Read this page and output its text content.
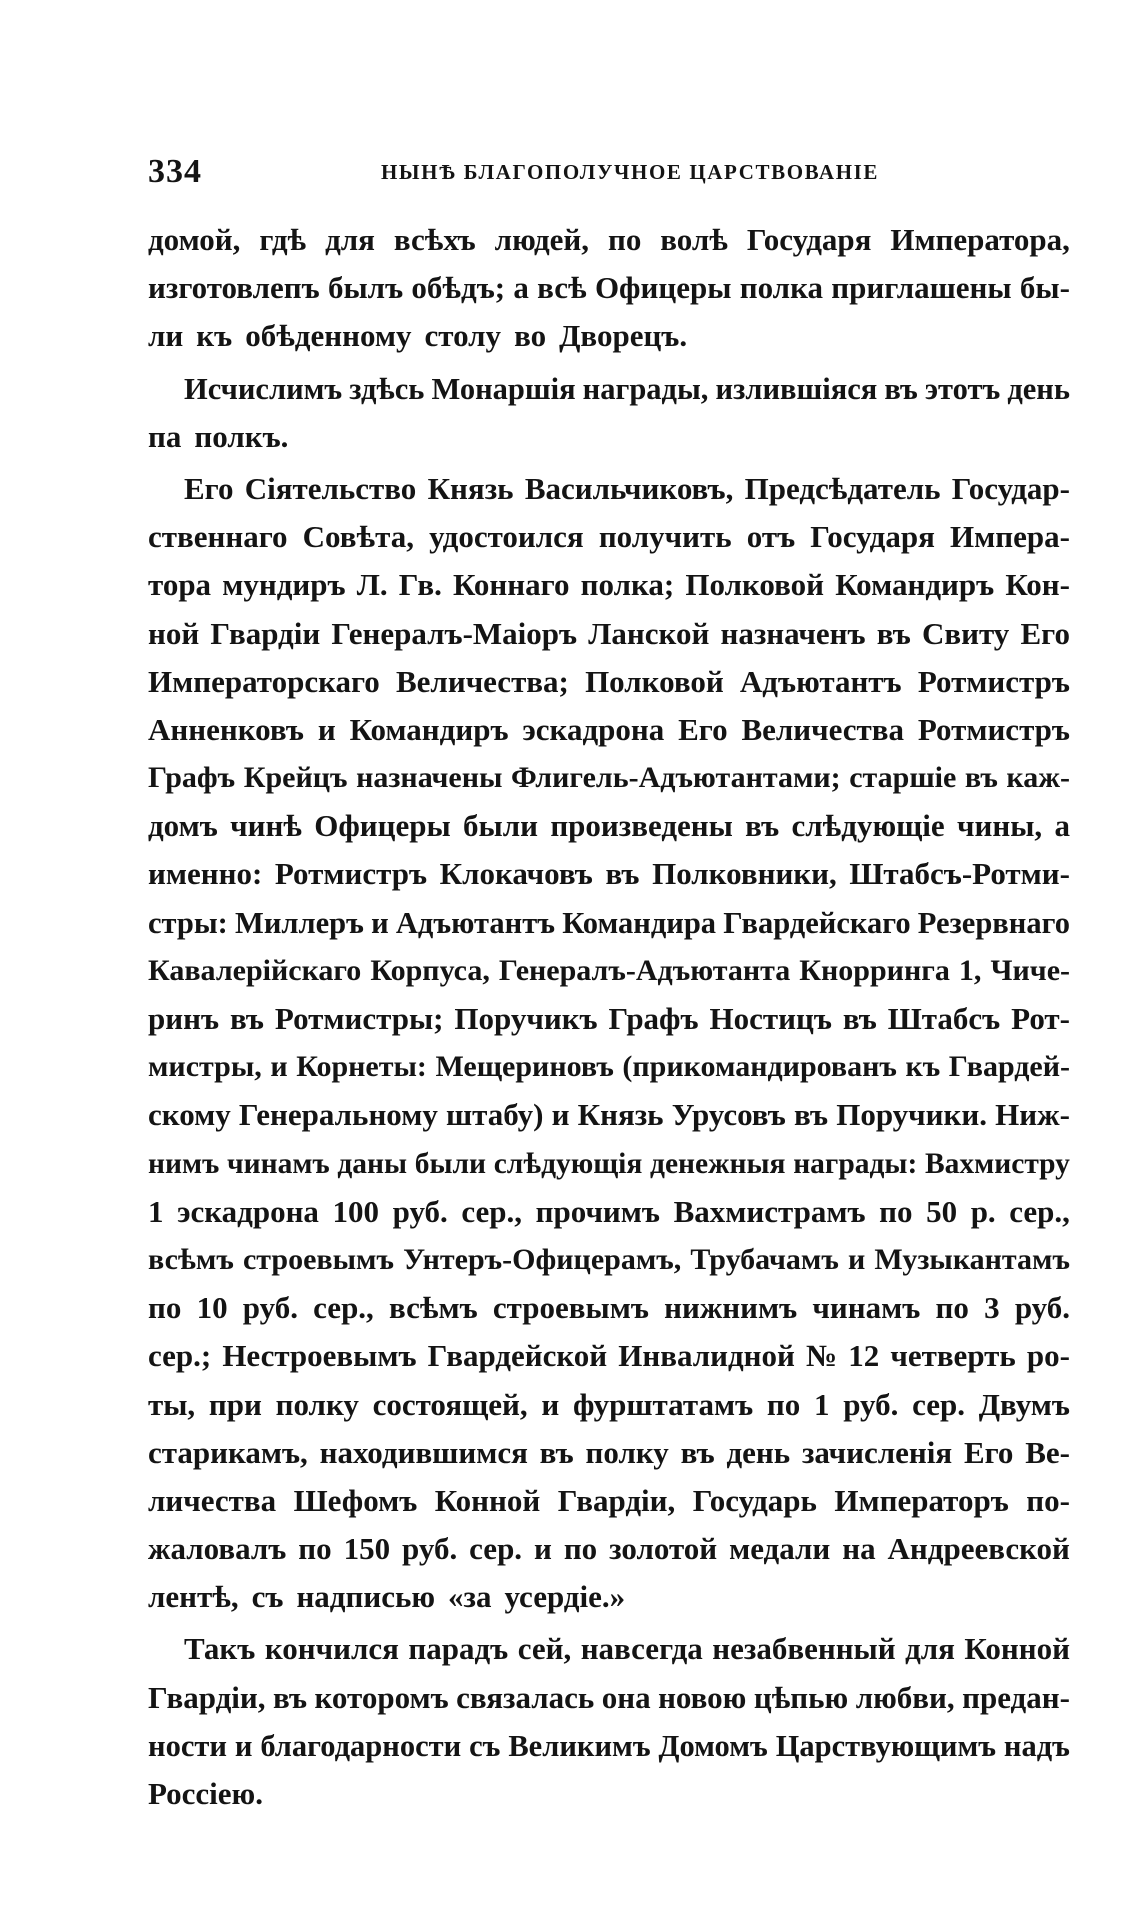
334	НЫНѢ БЛАГОПОЛУЧНОЕ ЦАРСТВОВАНІЕ
домой, гдѣ для всѣхъ людей, по волѣ Государя Императора,
изготовлепъ былъ обѣдъ; а всѣ Офицеры полка приглашены бы-
ли къ обѣденному столу во Дворецъ.
Исчислимъ здѣсь Монаршія награды, излившіяся въ этотъ день
па полкъ.
Его Сіятельство Князь Васильчиковъ, Предсѣдатель Государ-
ственнаго Совѣта, удостоился получить отъ Государя Импера-
тора мундиръ Л. Гв. Коннаго полка; Полковой Командиръ Кон-
ной Гвардіи Генералъ-Маіоръ Ланской назначенъ въ Свиту Его
Императорскаго Величества; Полковой Адъютантъ Ротмистръ
Анненковъ и Командиръ эскадрона Его Величества Ротмистръ
Графъ Крейцъ назначены Флигель-Адъютантами; старшіе въ каж-
домъ чинѣ Офицеры были произведены въ слѣдующіе чины, а
именно: Ротмистръ Клокачовъ въ Полковники, Штабсъ-Ротми-
стры: Миллеръ и Адъютантъ Командира Гвардейскаго Резервнаго
Кавалерійскаго Корпуса, Генералъ-Адъютанта Кнорринга 1, Чиче-
ринъ въ Ротмистры; Поручикъ Графъ Ностицъ въ Штабсъ Рот-
мистры, и Корнеты: Мещериновъ (прикомандированъ къ Гвардей-
скому Генеральному штабу) и Князь Урусовъ въ Поручики. Ниж-
нимъ чинамъ даны были слѣдующія денежныя награды: Вахмистру
1 эскадрона 100 руб. сер., прочимъ Вахмистрамъ по 50 р. сер.,
всѣмъ строевымъ Унтеръ-Офицерамъ, Трубачамъ и Музыкантамъ
по 10 руб. сер., всѣмъ строевымъ нижнимъ чинамъ по 3 руб.
сер.; Нестроевымъ Гвардейской Инвалидной № 12 четверть ро-
ты, при полку состоящей, и фурштатамъ по 1 руб. сер. Двумъ
старикамъ, находившимся въ полку въ день зачисленія Его Ве-
личества Шефомъ Конной Гвардіи, Государь Императоръ по-
жаловалъ по 150 руб. сер. и по золотой медали на Андреевской
лентѣ, съ надписью «за усердіе.»
Такъ кончился парадъ сей, навсегда незабвенный для Конной
Гвардіи, въ которомъ связалась она новою цѣпью любви, предан-
ности и благодарности съ Великимъ Домомъ Царствующимъ надъ
Россіею.
